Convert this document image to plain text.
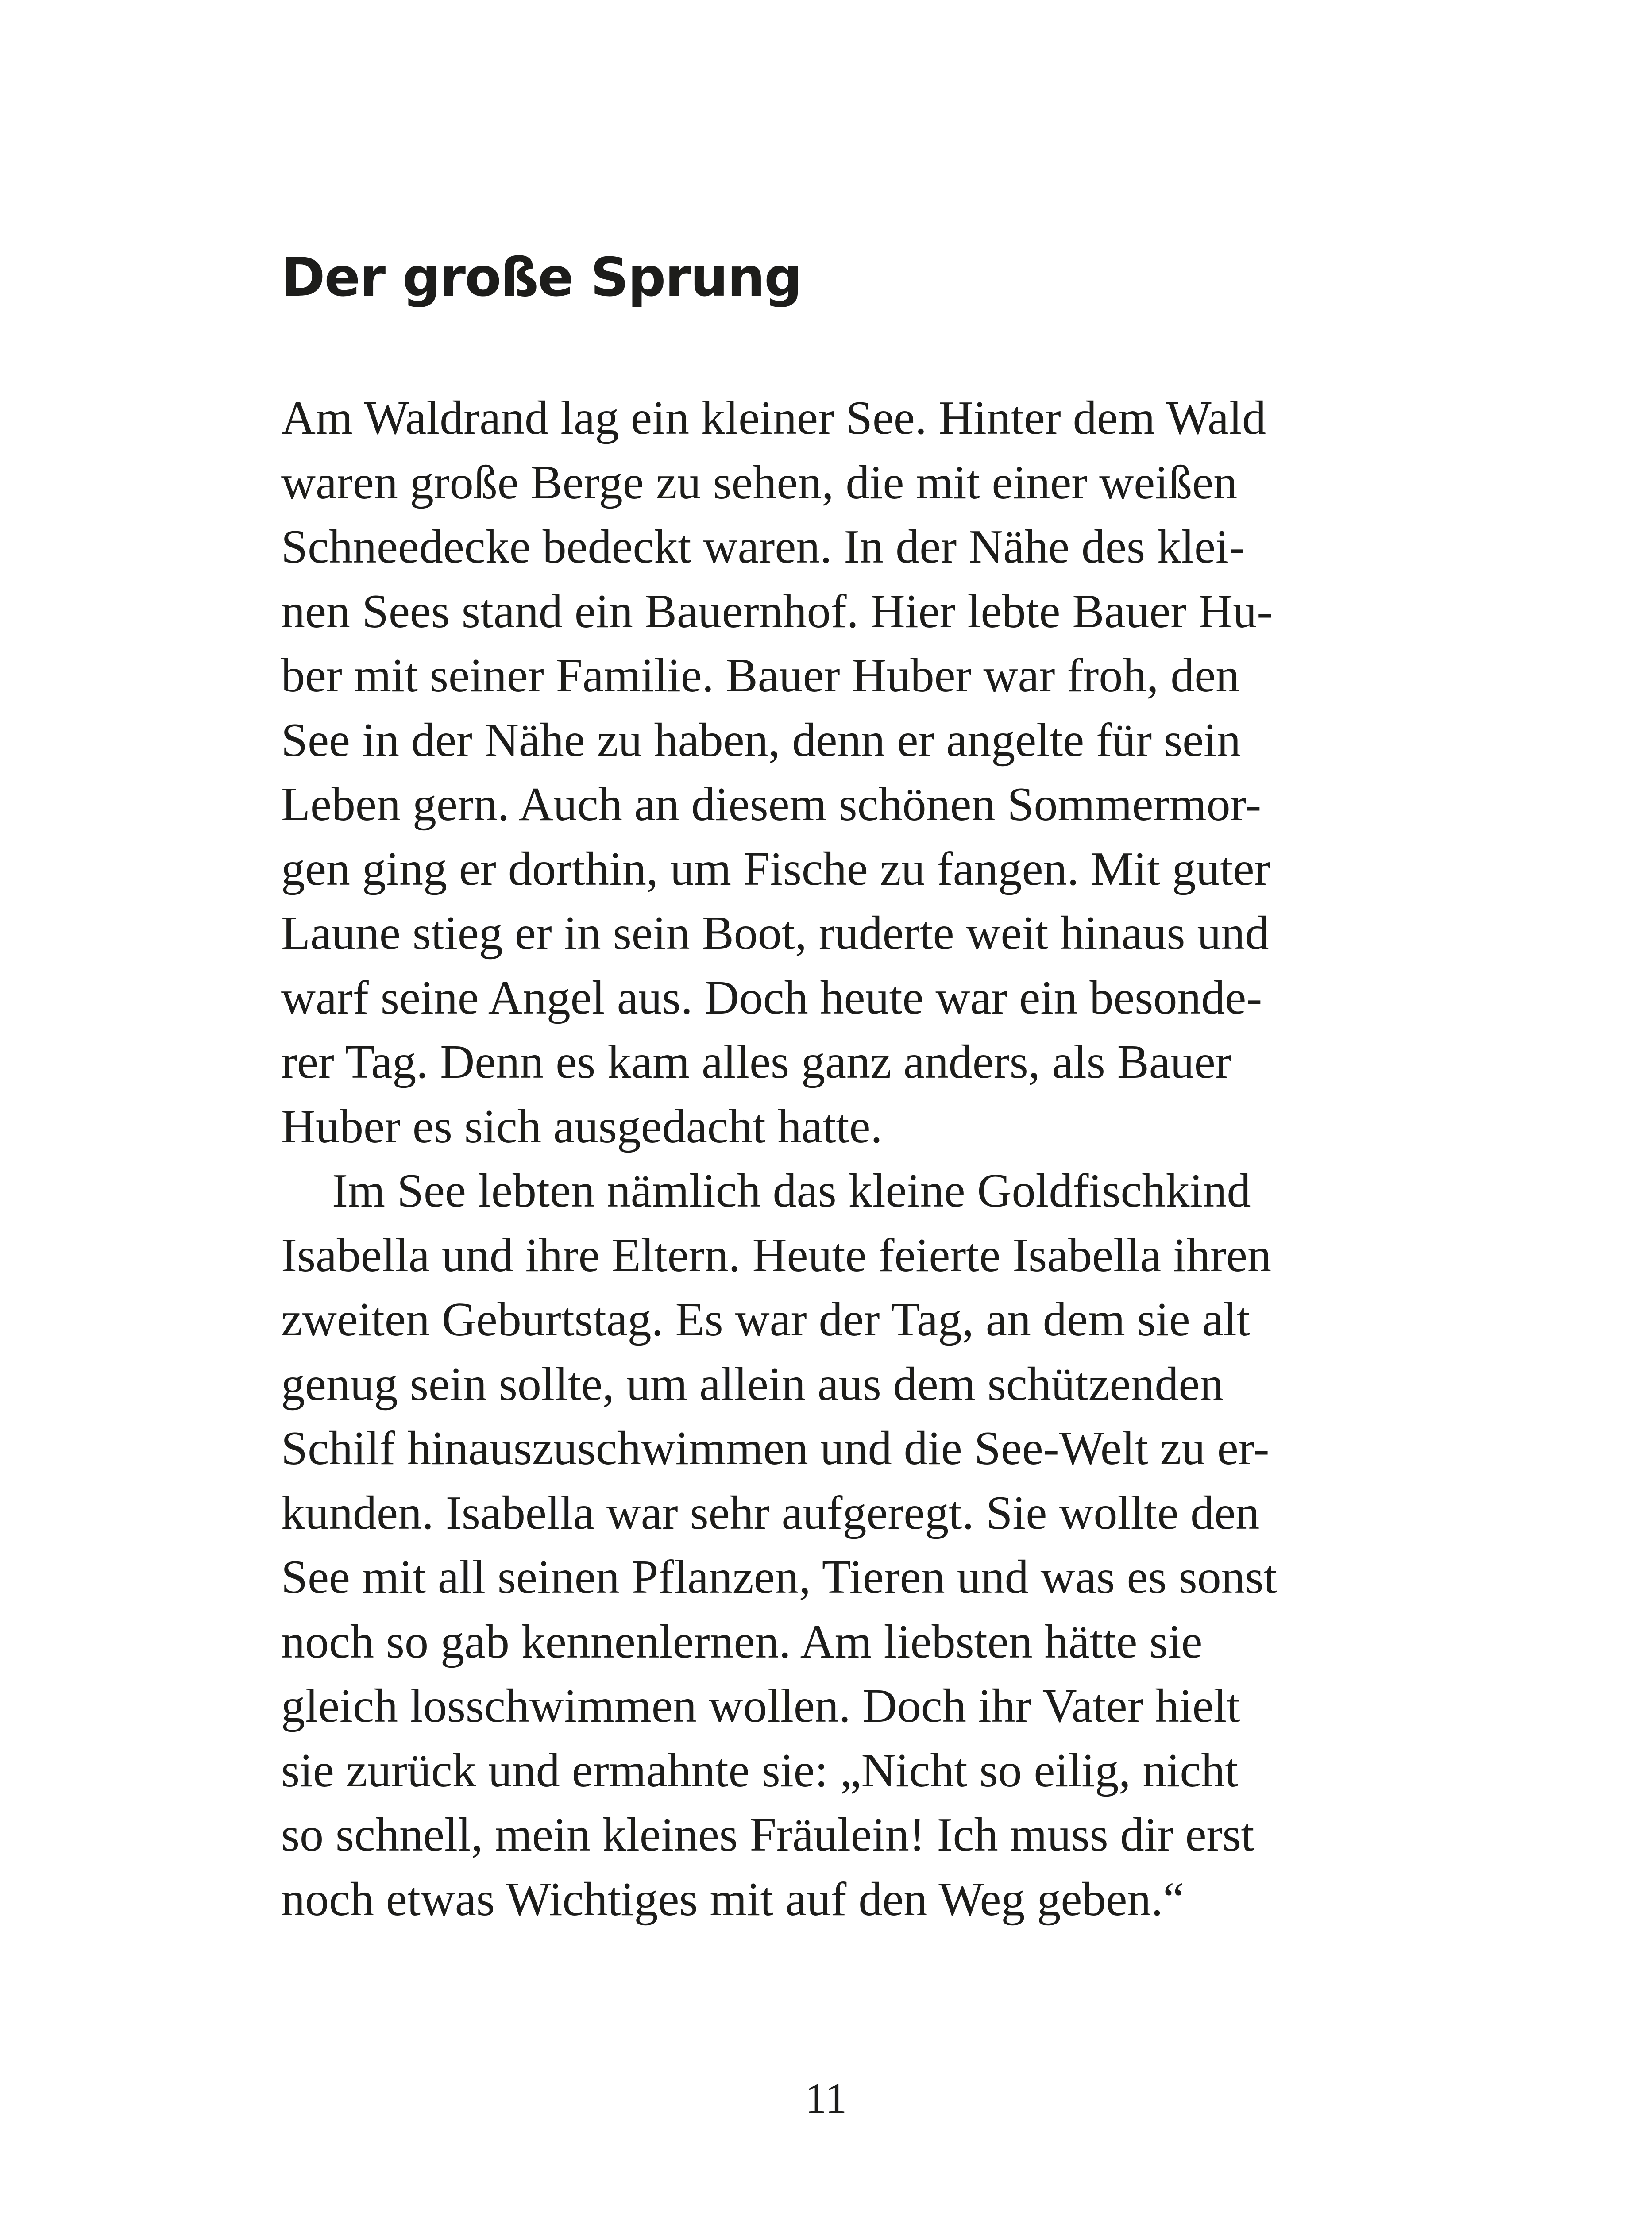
Der große Sprung
Am Waldrand lag ein kleiner See. Hinter dem Wald
waren große Berge zu sehen, die mit einer weißen
Schneedecke bedeckt waren. In der Nähe des klei-
nen Sees stand ein Bauernhof. Hier lebte Bauer Hu-
ber mit seiner Familie. Bauer Huber war froh, den
See in der Nähe zu haben, denn er angelte für sein
Leben gern. Auch an diesem schönen Sommermor-
gen ging er dorthin, um Fische zu fangen. Mit guter
Laune stieg er in sein Boot, ruderte weit hinaus und
warf seine Angel aus. Doch heute war ein besonde-
rer Tag. Denn es kam alles ganz anders, als Bauer
Huber es sich ausgedacht hatte.
Im See lebten nämlich das kleine Goldfischkind
Isabella und ihre Eltern. Heute feierte Isabella ihren
zweiten Geburtstag. Es war der Tag, an dem sie alt
genug sein sollte, um allein aus dem schützenden
Schilf hinauszuschwimmen und die See-Welt zu er-
kunden. Isabella war sehr aufgeregt. Sie wollte den
See mit all seinen Pflanzen, Tieren und was es sonst
noch so gab kennenlernen. Am liebsten hätte sie
gleich losschwimmen wollen. Doch ihr Vater hielt
sie zurück und ermahnte sie: „Nicht so eilig, nicht
so schnell, mein kleines Fräulein! Ich muss dir erst
noch etwas Wichtiges mit auf den Weg geben.“
11
